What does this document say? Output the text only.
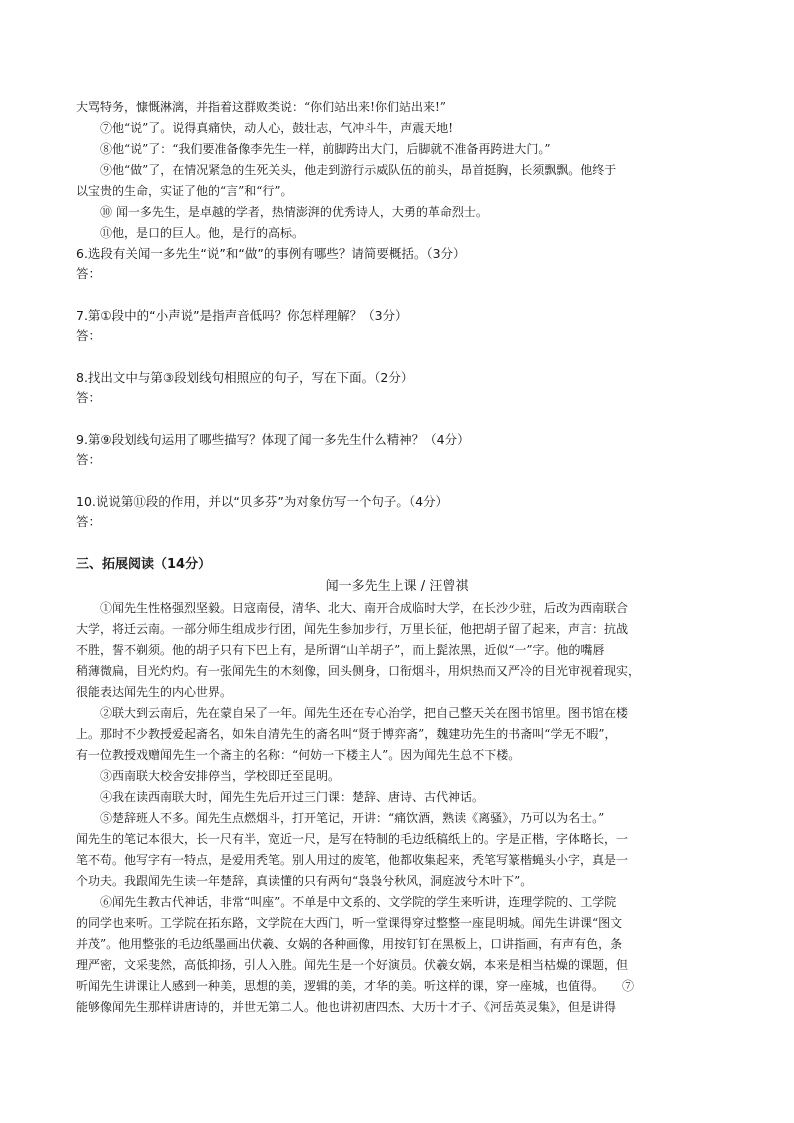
大骂特务，慷慨淋漓，并指着这群败类说：“你们站出来!你们站出来!”
⑦他“说”了。说得真痛快，动人心，鼓壮志，气冲斗牛，声震天地!
⑧他“说”了：“我们要准备像李先生一样，前脚跨出大门，后脚就不准备再跨进大门。”
⑨他“做”了，在情况紧急的生死关头，他走到游行示威队伍的前头，昂首挺胸，长须飘飘。他终于
以宝贵的生命，实证了他的“言”和“行”。
⑩ 闻一多先生，是卓越的学者，热情澎湃的优秀诗人，大勇的革命烈士。
⑪他，是口的巨人。他，是行的高标。
6.选段有关闻一多先生“说”和“做”的事例有哪些？请简要概括。（3分）
答：
7.第①段中的“小声说”是指声音低吗？你怎样理解？（3分）
答：
8.找出文中与第③段划线句相照应的句子，写在下面。（2分）
答：
9.第⑨段划线句运用了哪些描写？体现了闻一多先生什么精神？（4分）
答：
10.说说第⑪段的作用，并以“贝多芬”为对象仿写一个句子。（4分）
答：
三、拓展阅读（14分）
闻一多先生上课 / 汪曾祺
①闻先生性格强烈坚毅。日寇南侵，清华、北大、南开合成临时大学，在长沙少驻，后改为西南联合
大学，将迁云南。一部分师生组成步行团，闻先生参加步行，万里长征，他把胡子留了起来，声言：抗战
不胜，誓不剃须。他的胡子只有下巴上有，是所谓“山羊胡子”，而上髭浓黑，近似“一”字。他的嘴唇
稍薄微扁，目光灼灼。有一张闻先生的木刻像，回头侧身，口衔烟斗，用炽热而又严冷的目光审视着现实，
很能表达闻先生的内心世界。
②联大到云南后，先在蒙自呆了一年。闻先生还在专心治学，把自己整天关在图书馆里。图书馆在楼
上。那时不少教授爱起斋名，如朱自清先生的斋名叫“贤于博弈斋”，魏建功先生的书斋叫“学无不暇”，
有一位教授戏赠闻先生一个斋主的名称：“何妨一下楼主人”。因为闻先生总不下楼。
③西南联大校舍安排停当，学校即迁至昆明。
④我在读西南联大时，闻先生先后开过三门课：楚辞、唐诗、古代神话。
⑤楚辞班人不多。闻先生点燃烟斗，打开笔记，开讲：“痛饮酒，熟读《离骚》，乃可以为名士。”
闻先生的笔记本很大，长一尺有半，宽近一尺，是写在特制的毛边纸稿纸上的。字是正楷，字体略长，一
笔不苟。他写字有一特点，是爱用秃笔。别人用过的废笔，他都收集起来，秃笔写篆楷蝇头小字，真是一
个功夫。我跟闻先生读一年楚辞，真读懂的只有两句“袅袅兮秋风，洞庭波兮木叶下”。
⑥闻先生教古代神话，非常“叫座”。不单是中文系的、文学院的学生来听讲，连理学院的、工学院
的同学也来听。工学院在拓东路，文学院在大西门，听一堂课得穿过整整一座昆明城。闻先生讲课“图文
并茂”。他用整张的毛边纸墨画出伏羲、女娲的各种画像，用按钉钉在黑板上，口讲指画，有声有色，条
理严密，文采斐然，高低抑扬，引人入胜。闻先生是一个好演员。伏羲女娲，本来是相当枯燥的课题，但
听闻先生讲课让人感到一种美，思想的美，逻辑的美，才华的美。听这样的课，穿一座城，也值得。　　⑦
能够像闻先生那样讲唐诗的，并世无第二人。他也讲初唐四杰、大历十才子、《河岳英灵集》，但是讲得
